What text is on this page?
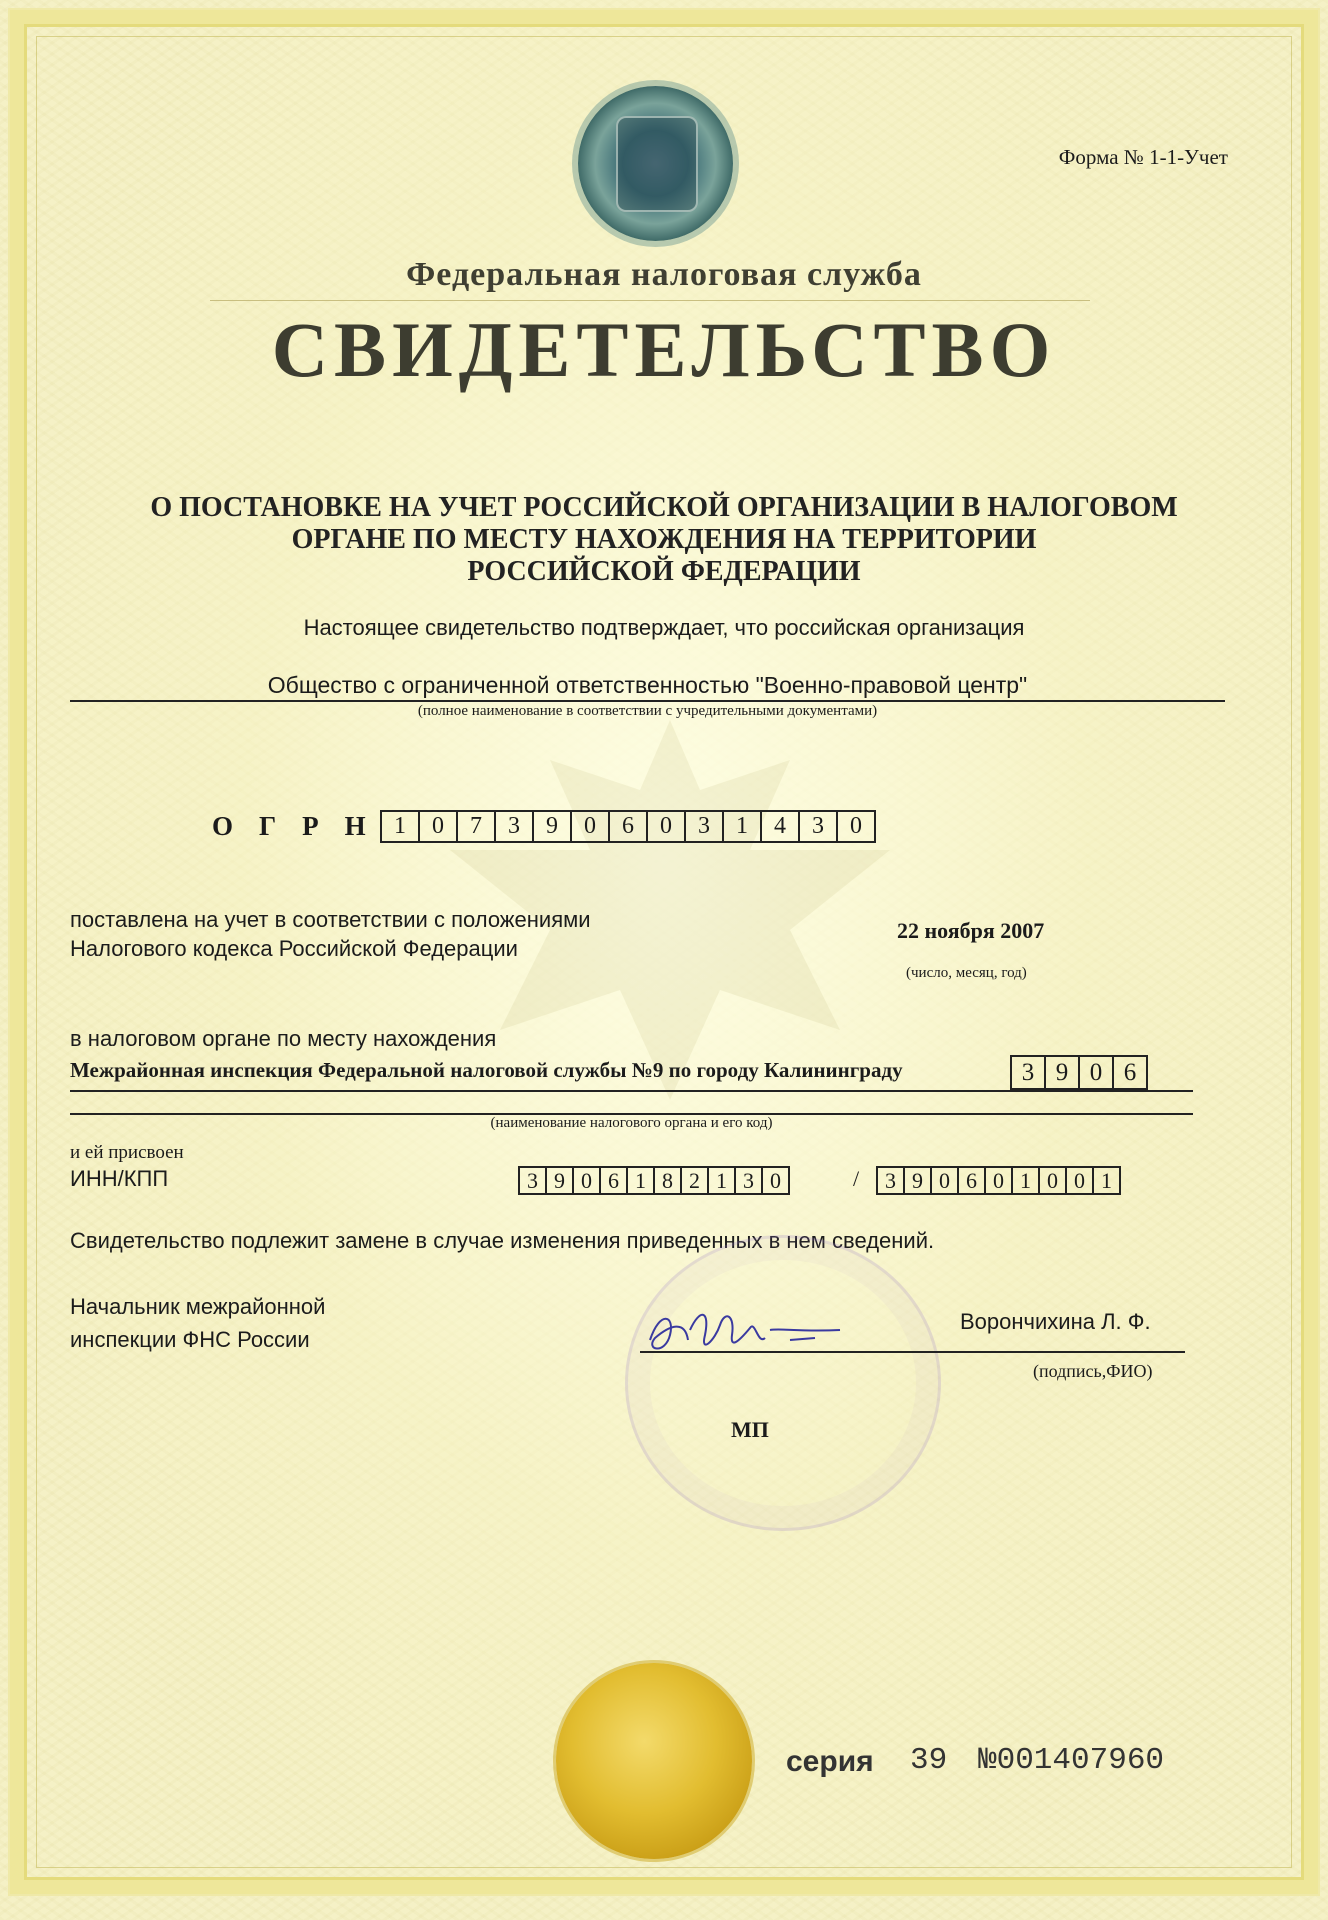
Форма № 1-1-Учет
Федеральная налоговая служба
СВИДЕТЕЛЬСТВО
О ПОСТАНОВКЕ НА УЧЕТ РОССИЙСКОЙ ОРГАНИЗАЦИИ В НАЛОГОВОМ
ОРГАНЕ ПО МЕСТУ НАХОЖДЕНИЯ НА ТЕРРИТОРИИ
РОССИЙСКОЙ ФЕДЕРАЦИИ
Настоящее свидетельство подтверждает, что российская организация
Общество с ограниченной ответственностью "Военно-правовой центр"
(полное наименование в соответствии с учредительными документами)
ОГРН 1	0	7	3	9	0	6	0	3	1	4	3	0
поставлена на учет в соответствии с положениями
Налогового кодекса Российской Федерации
22 ноября 2007
(число, месяц, год)
в налоговом органе по месту нахождения
Межрайонная инспекция Федеральной налоговой службы №9 по городу Калининграду	3 9 0 6
(наименование налогового органа и его код)
и ей присвоен
ИНН/КПП	3 9 0 6 1 8 2 1 3 0	/	3 9 0 6 0 1 0 0 1
Свидетельство подлежит замене в случае изменения приведенных в нем сведений.
Начальник межрайонной
инспекции ФНС России
Ворончихина Л. Ф.
(подпись,ФИО)
МП
серия 39 №001407960
